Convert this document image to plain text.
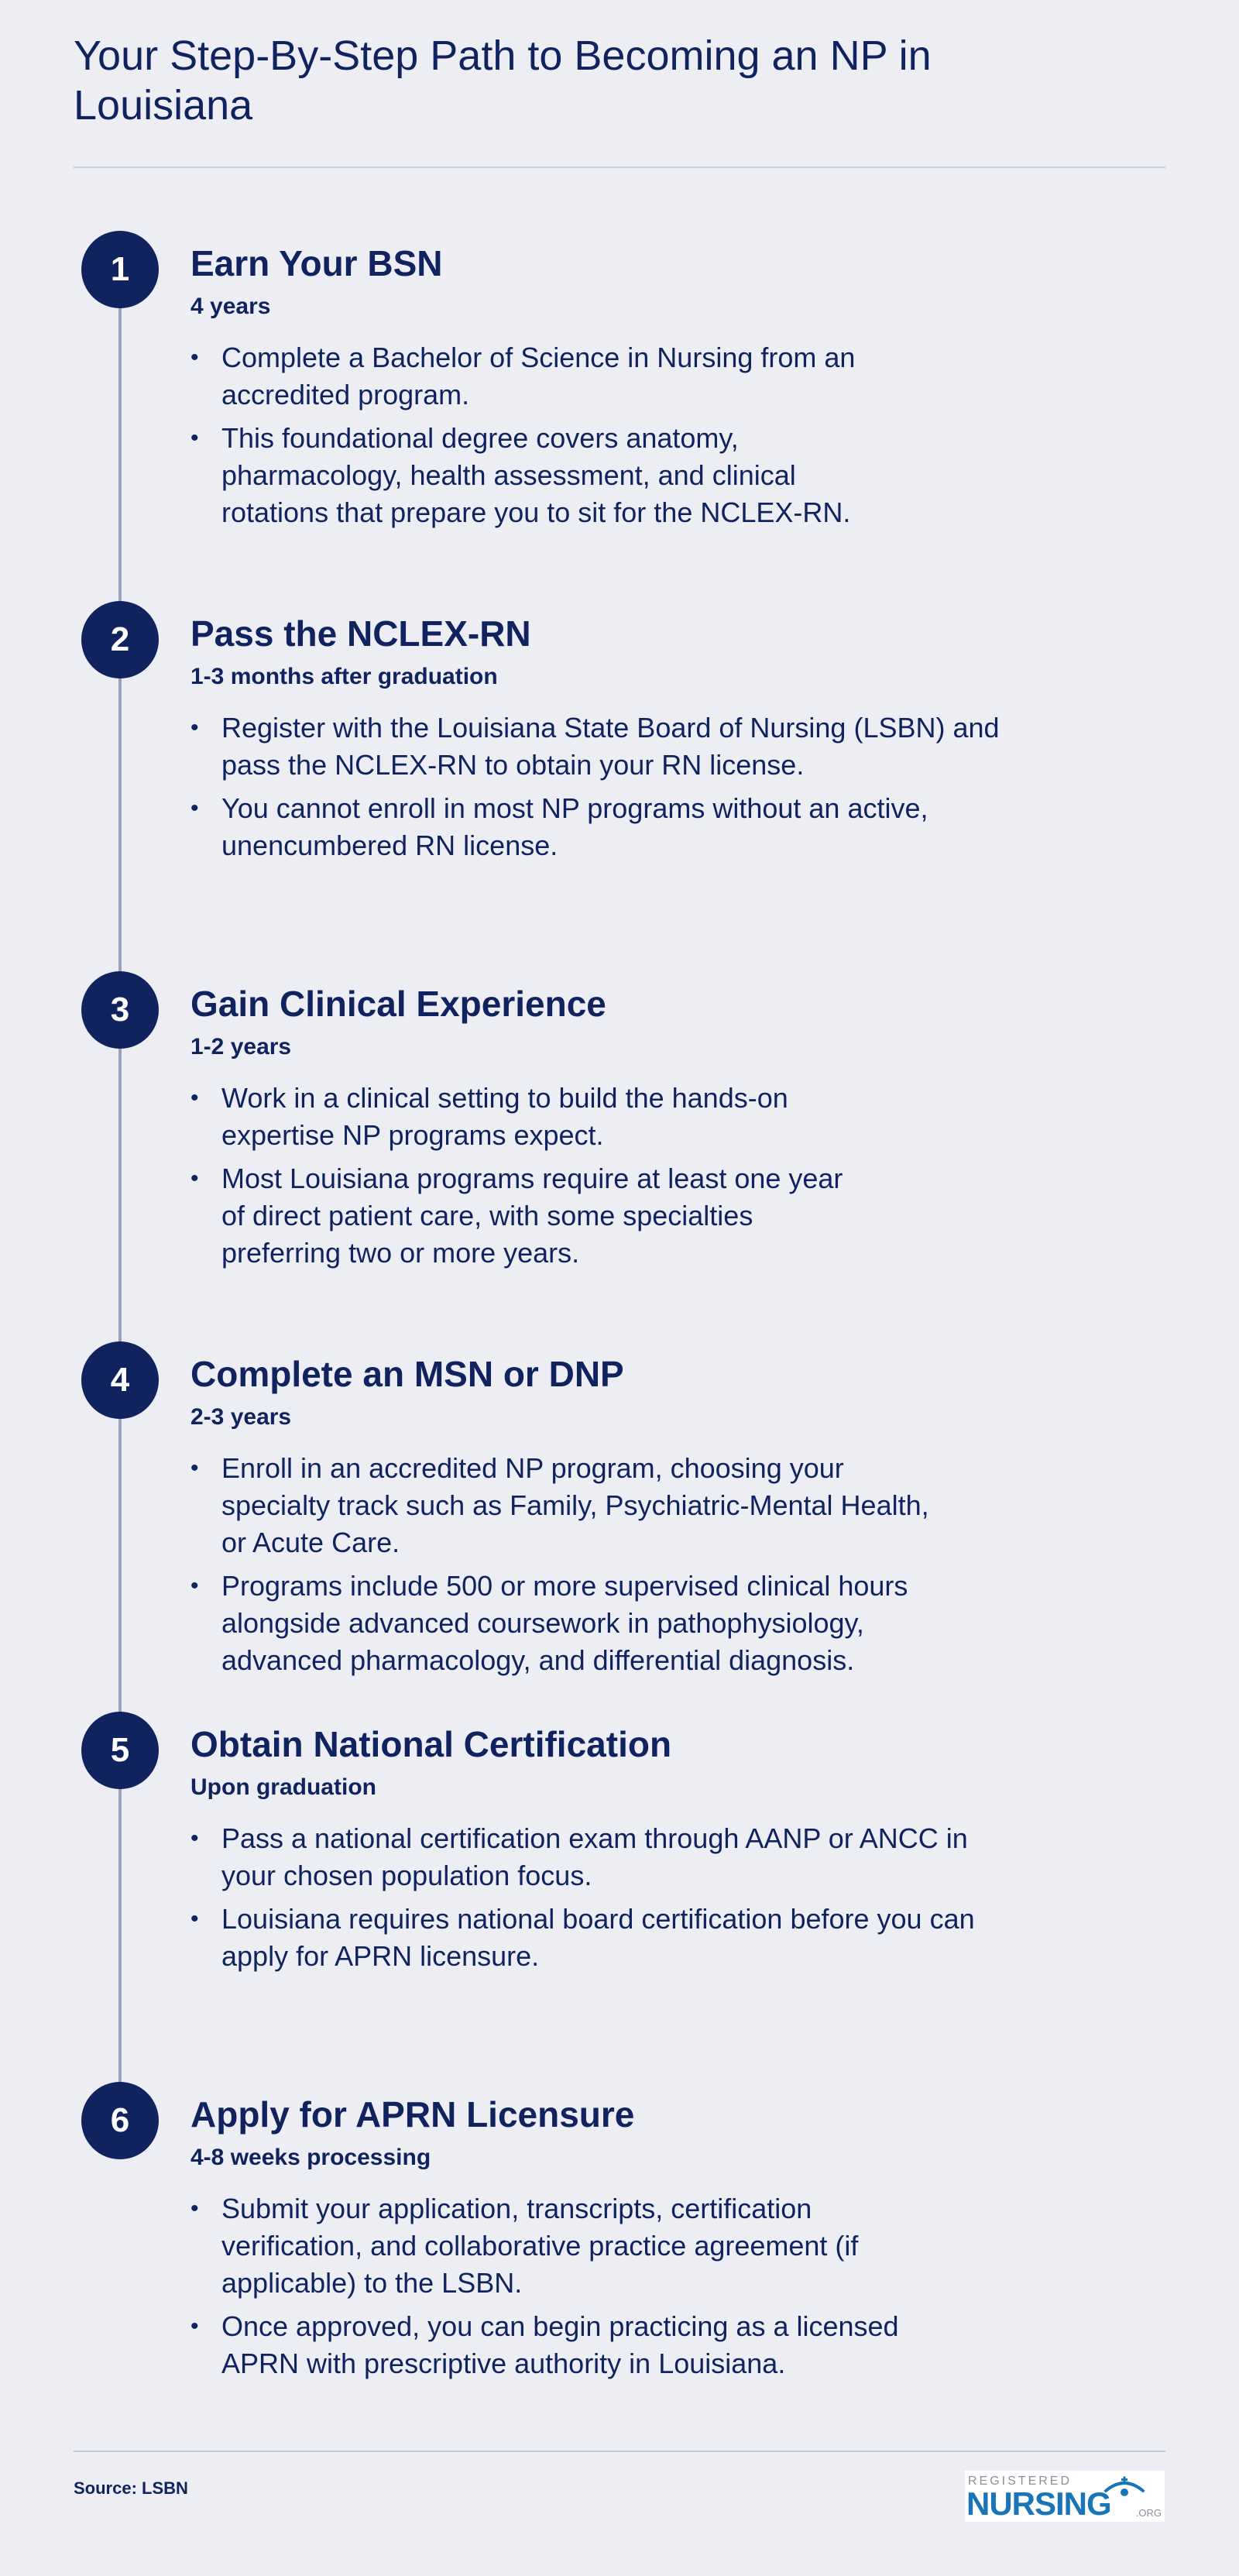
Your Step-By-Step Path to Becoming an NP in Louisiana
1	Earn Your BSN

4 years

• Complete a Bachelor of Science in Nursing from an accredited program.
• This foundational degree covers anatomy, pharmacology, health assessment, and clinical rotations that prepare you to sit for the NCLEX-RN.
2	Pass the NCLEX-RN

1-3 months after graduation

• Register with the Louisiana State Board of Nursing (LSBN) and pass the NCLEX-RN to obtain your RN license.
• You cannot enroll in most NP programs without an active, unencumbered RN license.
3	Gain Clinical Experience

1-2 years

• Work in a clinical setting to build the hands-on expertise NP programs expect.
• Most Louisiana programs require at least one year of direct patient care, with some specialties preferring two or more years.
4	Complete an MSN or DNP

2-3 years

• Enroll in an accredited NP program, choosing your specialty track such as Family, Psychiatric-Mental Health, or Acute Care.
• Programs include 500 or more supervised clinical hours alongside advanced coursework in pathophysiology, advanced pharmacology, and differential diagnosis.
5	Obtain National Certification

Upon graduation

• Pass a national certification exam through AANP or ANCC in your chosen population focus.
• Louisiana requires national board certification before you can apply for APRN licensure.
6	Apply for APRN Licensure

4-8 weeks processing

• Submit your application, transcripts, certification verification, and collaborative practice agreement (if applicable) to the LSBN.
• Once approved, you can begin practicing as a licensed APRN with prescriptive authority in Louisiana.
Source: LSBN	REGISTERED
NURSING .ORG
